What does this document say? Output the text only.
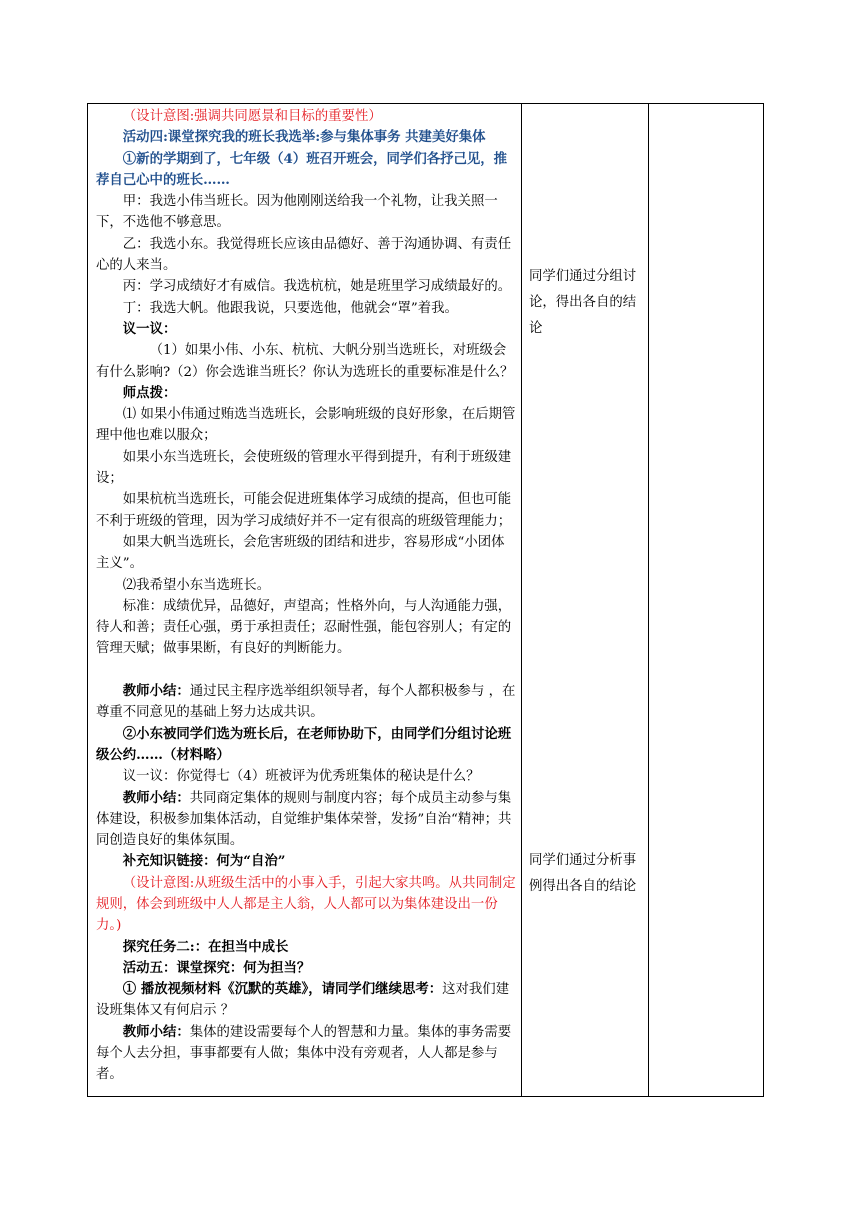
（设计意图:强调共同愿景和目标的重要性）

活动四:课堂探究我的班长我选举:参与集体事务 共建美好集体

①新的学期到了，七年级（4）班召开班会，同学们各抒己见，推荐自己心中的班长……

甲：我选小伟当班长。因为他刚刚送给我一个礼物，让我关照一下，不选他不够意思。

乙：我选小东。我觉得班长应该由品德好、善于沟通协调、有责任心的人来当。

丙：学习成绩好才有威信。我选杭杭，她是班里学习成绩最好的。

丁：我选大帆。他跟我说，只要选他，他就会“罩”着我。

议一议：

（1）如果小伟、小东、杭杭、大帆分别当选班长，对班级会有什么影响?（2）你会选谁当班长？你认为选班长的重要标准是什么？

师点拨：

⑴ 如果小伟通过贿选当选班长，会影响班级的良好形象，在后期管理中他也难以服众；

如果小东当选班长，会使班级的管理水平得到提升，有利于班级建设；

如果杭杭当选班长，可能会促进班集体学习成绩的提高，但也可能不利于班级的管理，因为学习成绩好并不一定有很高的班级管理能力；

如果大帆当选班长，会危害班级的团结和进步，容易形成“小团体主义”。

⑵我希望小东当选班长。

标准：成绩优异，品德好，声望高；性格外向，与人沟通能力强，待人和善；责任心强，勇于承担责任；忍耐性强，能包容别人；有定的管理天赋；做事果断，有良好的判断能力。

教师小结：通过民主程序选举组织领导者，每个人都积极参与 ，在尊重不同意见的基础上努力达成共识。

②小东被同学们选为班长后，在老师协助下，由同学们分组讨论班级公约……（材料略）

议一议：你觉得七（4）班被评为优秀班集体的秘诀是什么？

教师小结：共同商定集体的规则与制度内容；每个成员主动参与集体建设，积极参加集体活动，自觉维护集体荣誉，发扬”自治“精神；共同创造良好的集体氛围。

补充知识链接：何为“自治”

（设计意图:从班级生活中的小事入手，引起大家共鸣。从共同制定规则，体会到班级中人人都是主人翁，人人都可以为集体建设出一份力。)

探究任务二:：在担当中成长

活动五：课堂探究：何为担当？

① 播放视频材料《沉默的英雄》，请同学们继续思考：这对我们建设班集体又有何启示 ？

教师小结：集体的建设需要每个人的智慧和力量。集体的事务需要每个人去分担，事事都要有人做；集体中没有旁观者，人人都是参与者。

同学们通过分组讨论，得出各自的结论
同学们通过分析事例得出各自的结论
